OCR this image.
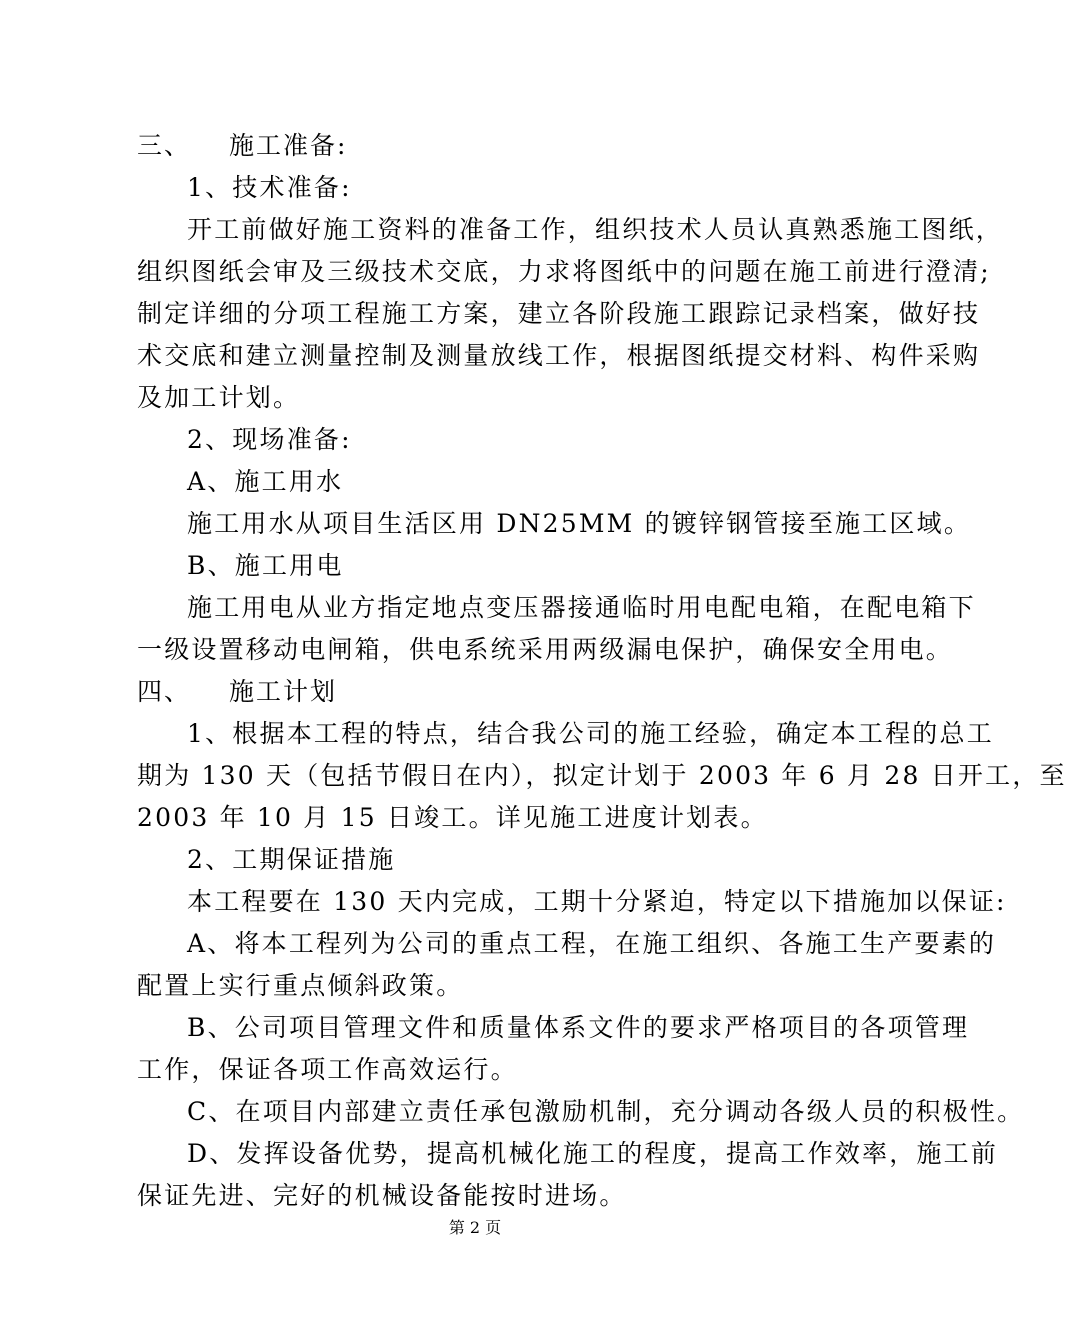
三、 施工准备:
1、技术准备:
开工前做好施工资料的准备工作，组织技术人员认真熟悉施工图纸，
组织图纸会审及三级技术交底，力求将图纸中的问题在施工前进行澄清;
制定详细的分项工程施工方案，建立各阶段施工跟踪记录档案，做好技
术交底和建立测量控制及测量放线工作，根据图纸提交材料、构件采购
及加工计划。
2、现场准备:
A、施工用水
施工用水从项目生活区用 DN25MM 的镀锌钢管接至施工区域。
B、施工用电
施工用电从业方指定地点变压器接通临时用电配电箱，在配电箱下
一级设置移动电闸箱，供电系统采用两级漏电保护，确保安全用电。
四、 施工计划
1、根据本工程的特点，结合我公司的施工经验，确定本工程的总工
期为 130 天（包括节假日在内），拟定计划于 2003 年 6 月 28 日开工，至
2003 年 10 月 15 日竣工。详见施工进度计划表。
2、工期保证措施
本工程要在 130 天内完成，工期十分紧迫，特定以下措施加以保证:
A、将本工程列为公司的重点工程，在施工组织、各施工生产要素的
配置上实行重点倾斜政策。
B、公司项目管理文件和质量体系文件的要求严格项目的各项管理
工作，保证各项工作高效运行。
C、在项目内部建立责任承包激励机制，充分调动各级人员的积极性。
D、发挥设备优势，提高机械化施工的程度，提高工作效率，施工前
保证先进、完好的机械设备能按时进场。
第 2 页
